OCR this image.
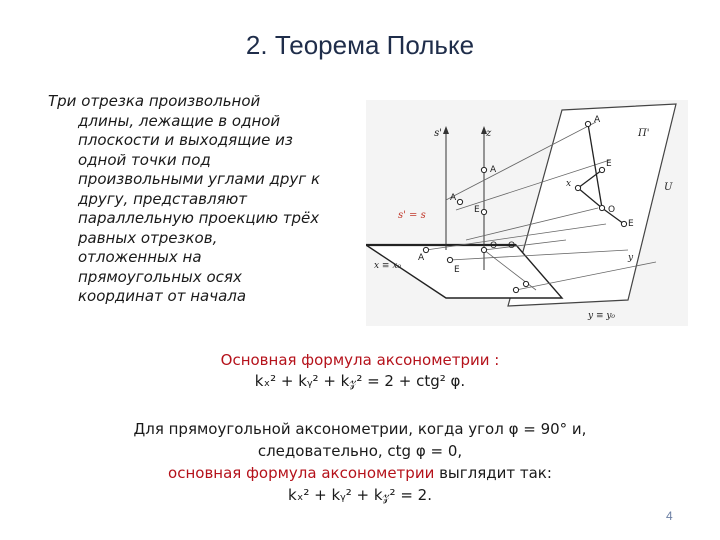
2. Теорема Польке
Три отрезка произвольной
длины, лежащие в одной
плоскости и выходящие из
одной точки под
произвольными углами друг к
другу, представляют
параллельную проекцию трёх
равных отрезков,
отложенных на
прямоугольных осях
координат от начала
s'	z
s' = s
A
A
E
O O
x ≡ x₀
A
E
y ≡ y₀
A
E
O
E
x
Π'
U
y
Основная формула аксонометрии :
kₓ² + kᵧ² + k𝓏² = 2 + ctg² φ.
Для прямоугольной аксонометрии, когда угол φ = 90° и,
следовательно, ctg φ = 0,
основная формула аксонометрии выглядит так:
kₓ² + kᵧ² + k𝓏² = 2.
4
